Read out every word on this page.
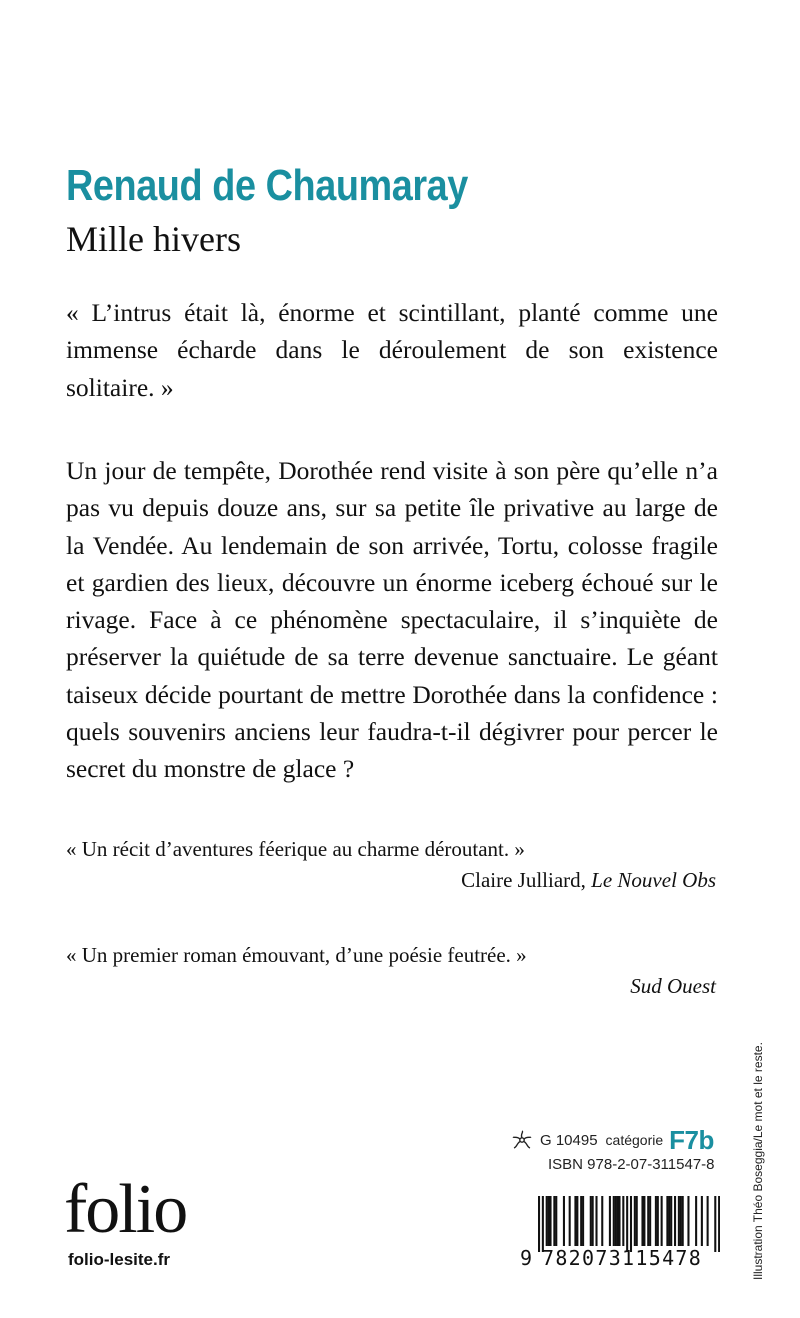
Renaud de Chaumaray
Mille hivers

« L’intrus était là, énorme et scintillant, planté comme une immense écharde dans le déroulement de son existence solitaire. »

Un jour de tempête, Dorothée rend visite à son père qu’elle n’a pas vu depuis douze ans, sur sa petite île privative au large de la Vendée. Au lendemain de son arrivée, Tortu, colosse fragile et gardien des lieux, découvre un énorme iceberg échoué sur le rivage. Face à ce phénomène spectaculaire, il s’inquiète de préserver la quiétude de sa terre devenue sanctuaire. Le géant taiseux décide pourtant de mettre Dorothée dans la confidence : quels souvenirs anciens leur faudra-t-il dégivrer pour percer le secret du monstre de glace ?

« Un récit d’aventures féerique au charme déroutant. »
Claire Julliard, Le Nouvel Obs
« Un premier roman émouvant, d’une poésie feutrée. »
Sud Ouest
Illustration Théo Boseggia/Le mot et le reste.
G 10495 catégorie F7b
ISBN 978-2-07-311547-8
folio
folio-lesite.fr	9 782073115478
